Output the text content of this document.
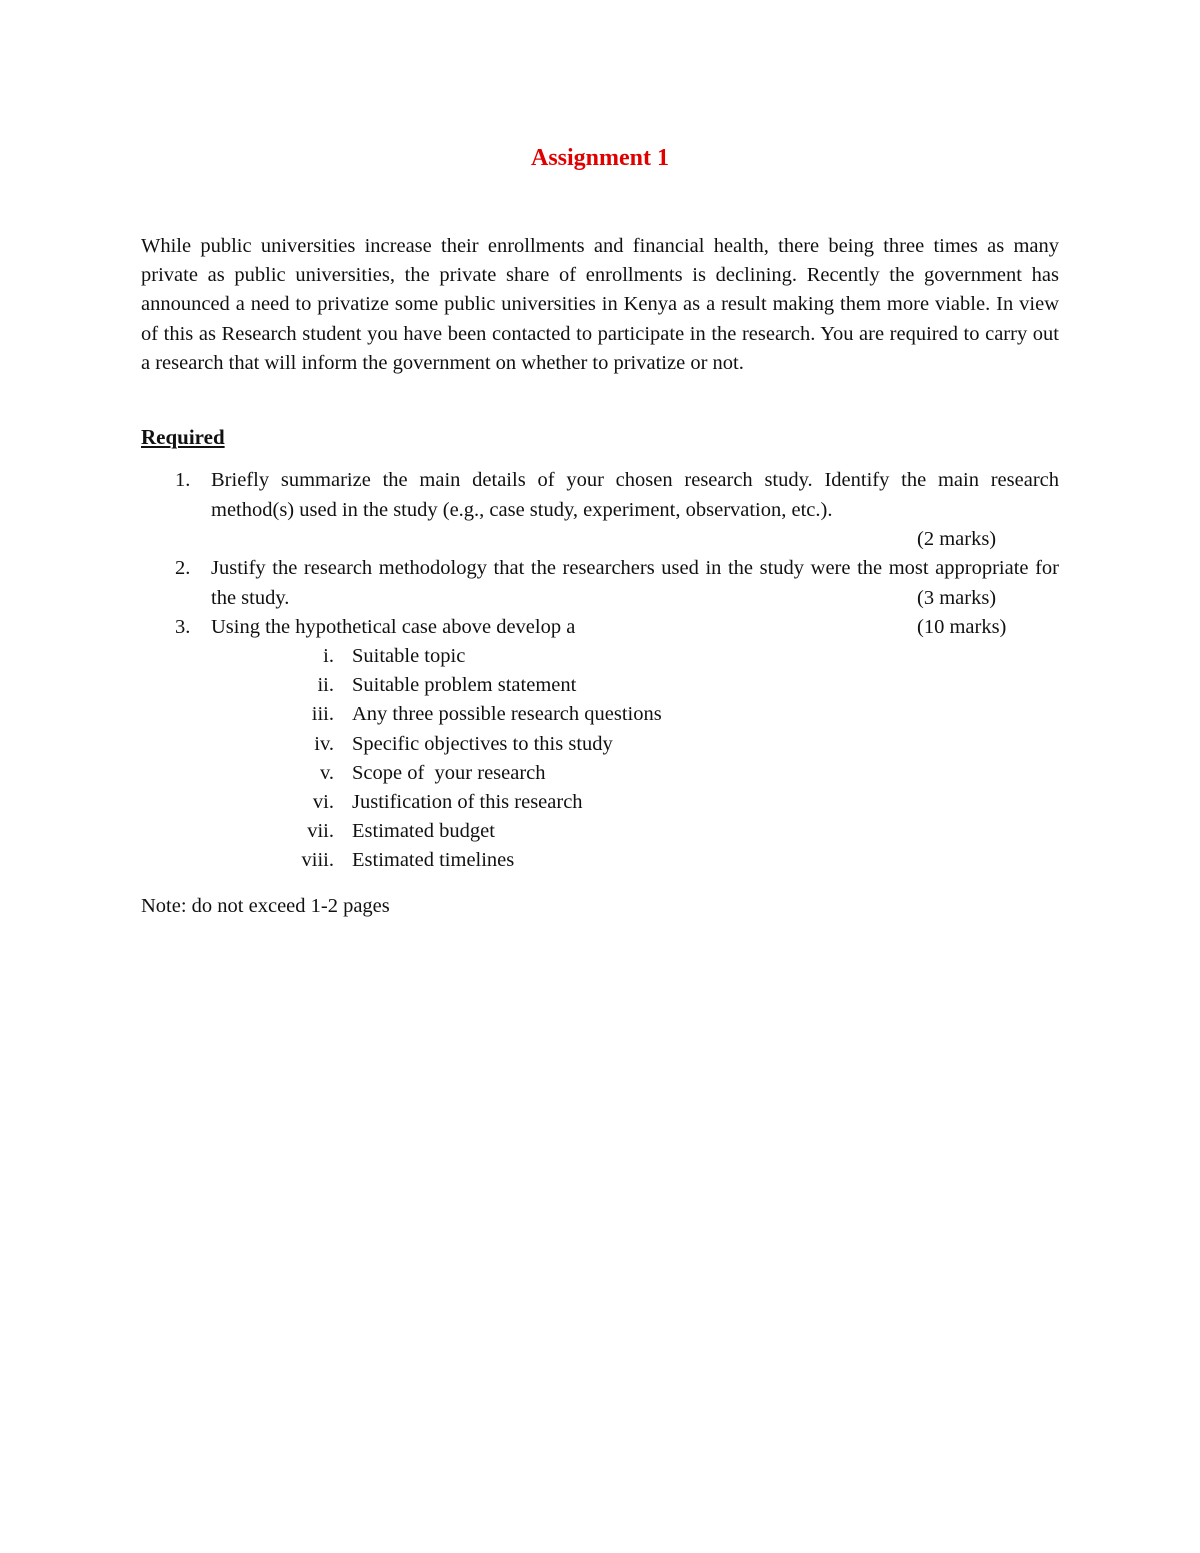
Assignment 1

While public universities increase their enrollments and financial health, there being three times as many private as public universities, the private share of enrollments is declining. Recently the government has announced a need to privatize some public universities in Kenya as a result making them more viable. In view of this as Research student you have been contacted to participate in the research. You are required to carry out a research that will inform the government on whether to privatize or not.

Required

1.	Briefly summarize the main details of your chosen research study. Identify the main research method(s) used in the study (e.g., case study, experiment, observation, etc.).
(2 marks)
2.	Justify the research methodology that the researchers used in the study were the most appropriate for the study.	(3 marks)
3.	Using the hypothetical case above develop a	(10 marks)
i. Suitable topic
ii. Suitable problem statement
iii. Any three possible research questions
iv. Specific objectives to this study
v. Scope of  your research
vi. Justification of this research
vii. Estimated budget
viii. Estimated timelines

Note: do not exceed 1-2 pages
